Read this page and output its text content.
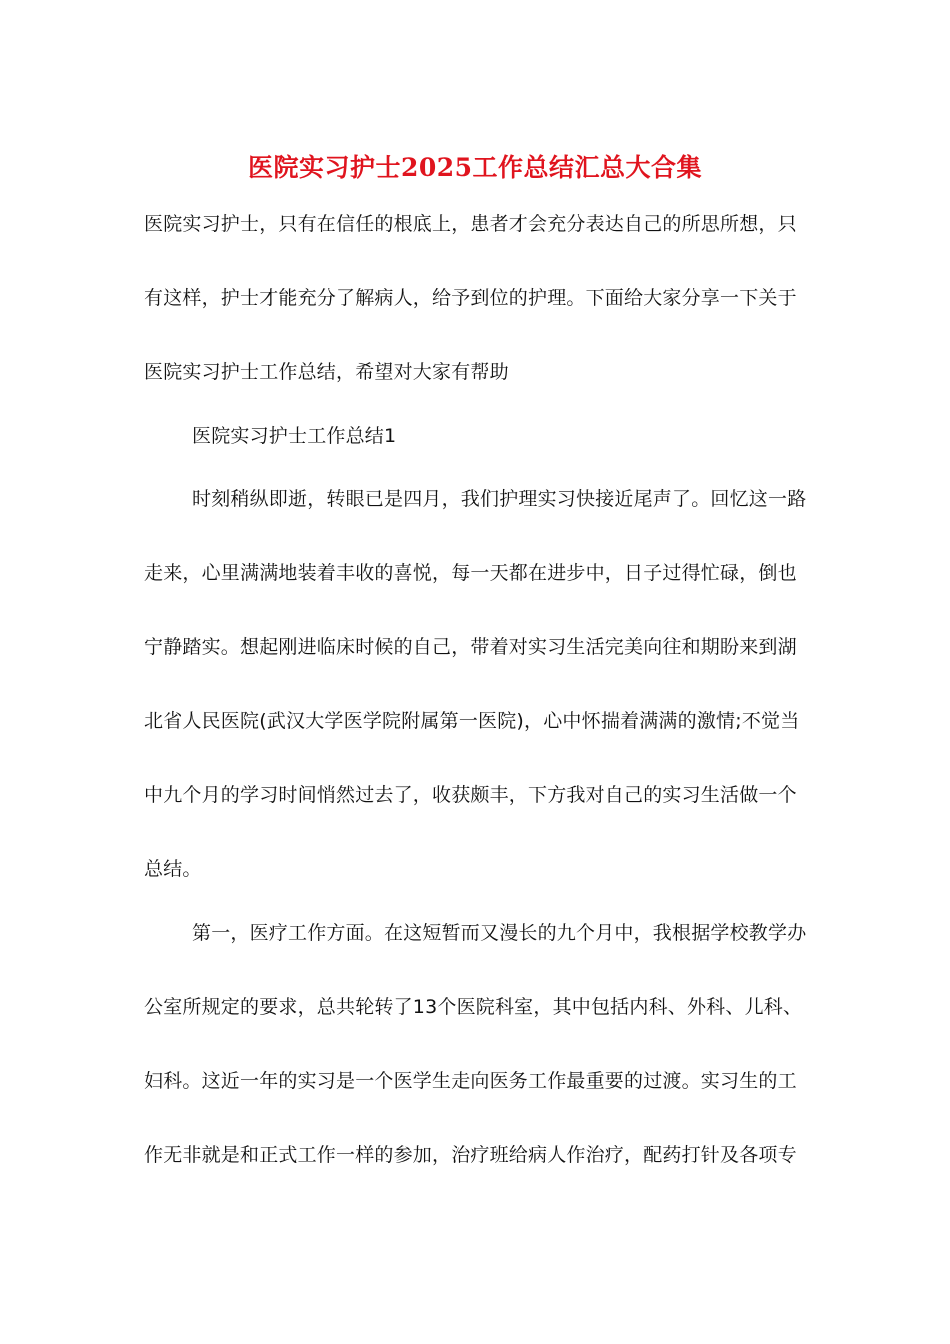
医院实习护士2025工作总结汇总大合集
医院实习护士，只有在信任的根底上，患者才会充分表达自己的所思所想，只
有这样，护士才能充分了解病人，给予到位的护理。下面给大家分享一下关于
医院实习护士工作总结，希望对大家有帮助
医院实习护士工作总结1
时刻稍纵即逝，转眼已是四月，我们护理实习快接近尾声了。回忆这一路
走来，心里满满地装着丰收的喜悦，每一天都在进步中，日子过得忙碌，倒也
宁静踏实。想起刚进临床时候的自己，带着对实习生活完美向往和期盼来到湖
北省人民医院(武汉大学医学院附属第一医院)，心中怀揣着满满的激情;不觉当
中九个月的学习时间悄然过去了，收获颇丰，下方我对自己的实习生活做一个
总结。
第一，医疗工作方面。在这短暂而又漫长的九个月中，我根据学校教学办
公室所规定的要求，总共轮转了13个医院科室，其中包括内科、外科、儿科、
妇科。这近一年的实习是一个医学生走向医务工作最重要的过渡。实习生的工
作无非就是和正式工作一样的参加，治疗班给病人作治疗，配药打针及各项专
